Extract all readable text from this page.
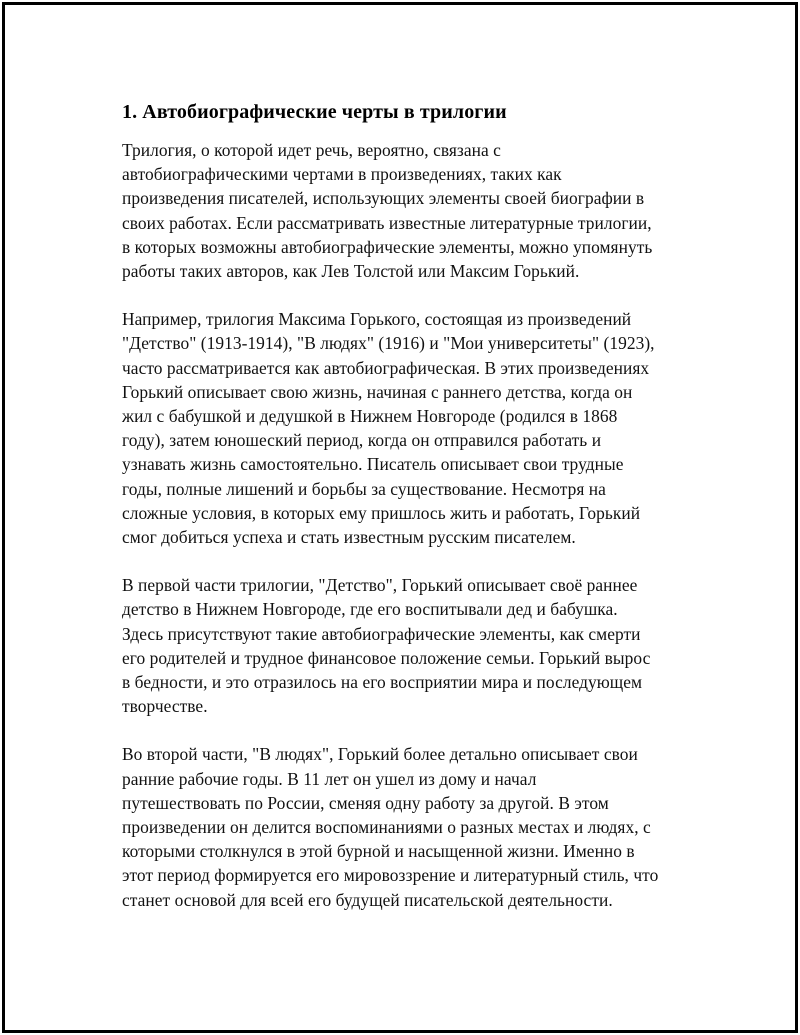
1. Автобиографические черты в трилогии

Трилогия, о которой идет речь, вероятно, связана с
автобиографическими чертами в произведениях, таких как
произведения писателей, использующих элементы своей биографии в
своих работах. Если рассматривать известные литературные трилогии,
в которых возможны автобиографические элементы, можно упомянуть
работы таких авторов, как Лев Толстой или Максим Горький.

Например, трилогия Максима Горького, состоящая из произведений
"Детство" (1913-1914), "В людях" (1916) и "Мои университеты" (1923),
часто рассматривается как автобиографическая. В этих произведениях
Горький описывает свою жизнь, начиная с раннего детства, когда он
жил с бабушкой и дедушкой в Нижнем Новгороде (родился в 1868
году), затем юношеский период, когда он отправился работать и
узнавать жизнь самостоятельно. Писатель описывает свои трудные
годы, полные лишений и борьбы за существование. Несмотря на
сложные условия, в которых ему пришлось жить и работать, Горький
смог добиться успеха и стать известным русским писателем.

В первой части трилогии, "Детство", Горький описывает своё раннее
детство в Нижнем Новгороде, где его воспитывали дед и бабушка.
Здесь присутствуют такие автобиографические элементы, как смерти
его родителей и трудное финансовое положение семьи. Горький вырос
в бедности, и это отразилось на его восприятии мира и последующем
творчестве.

Во второй части, "В людях", Горький более детально описывает свои
ранние рабочие годы. В 11 лет он ушел из дому и начал
путешествовать по России, сменяя одну работу за другой. В этом
произведении он делится воспоминаниями о разных местах и людях, с
которыми столкнулся в этой бурной и насыщенной жизни. Именно в
этот период формируется его мировоззрение и литературный стиль, что
станет основой для всей его будущей писательской деятельности.
